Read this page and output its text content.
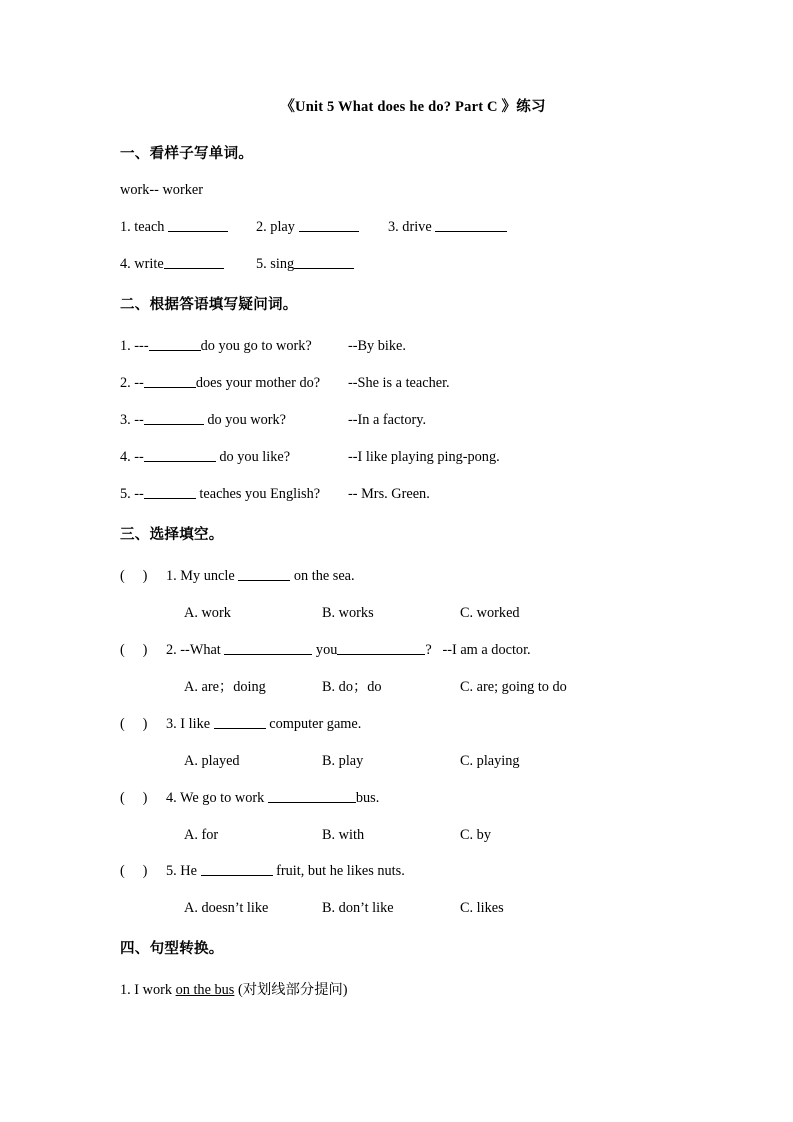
《Unit 5 What does he do? Part C 》练习
一、看样子写单词。
work-- worker
1. teach	2. play	3. drive
4. write	5. sing
二、根据答语填写疑问词。
1. ---	do you go to work?	--By bike.
2. --	does your mother do?	--She is a teacher.
3. --	do you work?	--In a factory.
4. --	do you like?	--I like playing ping-pong.
5. --	teaches you English?	-- Mrs. Green.
三、选择填空。
(     ) 1. My uncle	on the sea.
A. work	B. works	C. worked
(     ) 2. --What	you	? --I am a doctor.
A. are；doing	B. do；do	C. are; going to do
(     ) 3. I like	computer game.
A. played	B. play	C. playing
(     ) 4. We go to work	bus.
A. for	B. with	C. by
(     ) 5. He	fruit, but he likes nuts.
A. doesn’t like	B. don’t like	C. likes
四、句型转换。
1. I work on the bus (对划线部分提问)
